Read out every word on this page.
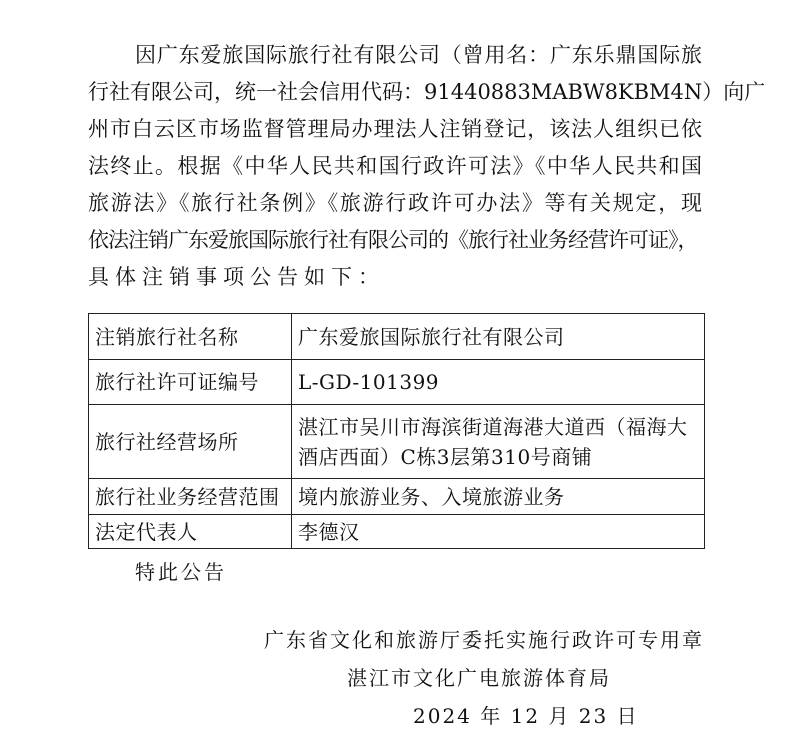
因广东爱旅国际旅行社有限公司（曾用名：广东乐鼎国际旅
行社有限公司，统一社会信用代码：91440883MABW8KBM4N）向广
州市白云区市场监督管理局办理法人注销登记，该法人组织已依
法终止。根据《中华人民共和国行政许可法》《中华人民共和国
旅游法》《旅行社条例》《旅游行政许可办法》等有关规定，现
依法注销广东爱旅国际旅行社有限公司的《旅行社业务经营许可证》，
具体注销事项公告如下：
注销旅行社名称	广东爱旅国际旅行社有限公司
旅行社许可证编号	L-GD-101399
旅行社经营场所	湛江市吴川市海滨街道海港大道西（福海大酒店西面）C栋3层第310号商铺
旅行社业务经营范围	境内旅游业务、入境旅游业务
法定代表人	李德汉
特此公告
广东省文化和旅游厅委托实施行政许可专用章
湛江市文化广电旅游体育局
2024 年 12 月 23 日
